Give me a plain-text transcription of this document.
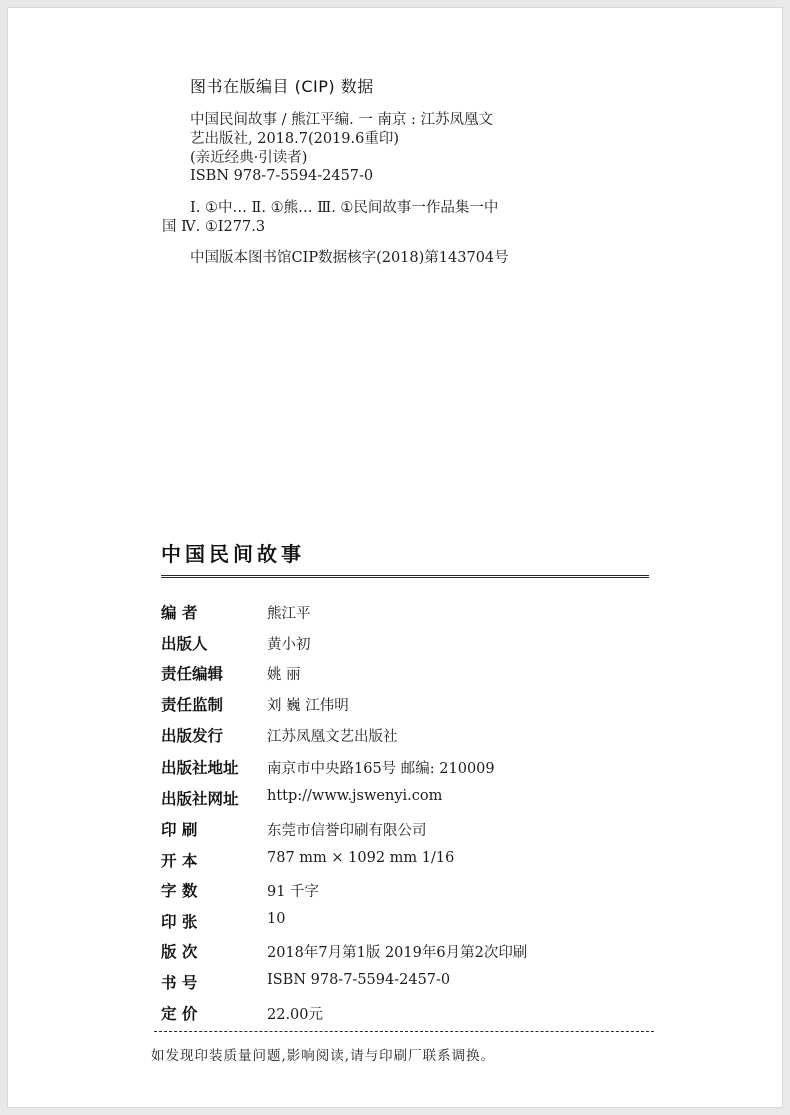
图书在版编目 (CIP) 数据
中国民间故事 / 熊江平编. 一 南京 : 江苏凤凰文
艺出版社, 2018.7(2019.6重印)
(亲近经典·引读者)
ISBN 978-7-5594-2457-0
Ⅰ. ①中… Ⅱ. ①熊… Ⅲ. ①民间故事一作品集一中
国 Ⅳ. ①I277.3
中国版本图书馆CIP数据核字(2018)第143704号
中国民间故事
编 者	熊江平
出版人	黄小初
责任编辑	姚 丽
责任监制	刘 巍 江伟明
出版发行	江苏凤凰文艺出版社
出版社地址	南京市中央路165号 邮编: 210009
出版社网址	http://www.jswenyi.com
印 刷	东莞市信誉印刷有限公司
开 本	787 mm × 1092 mm 1/16
字 数	91 千字
印 张	10
版 次	2018年7月第1版 2019年6月第2次印刷
书 号	ISBN 978-7-5594-2457-0
定 价	22.00元
如发现印装质量问题,影响阅读,请与印刷厂联系调换。
